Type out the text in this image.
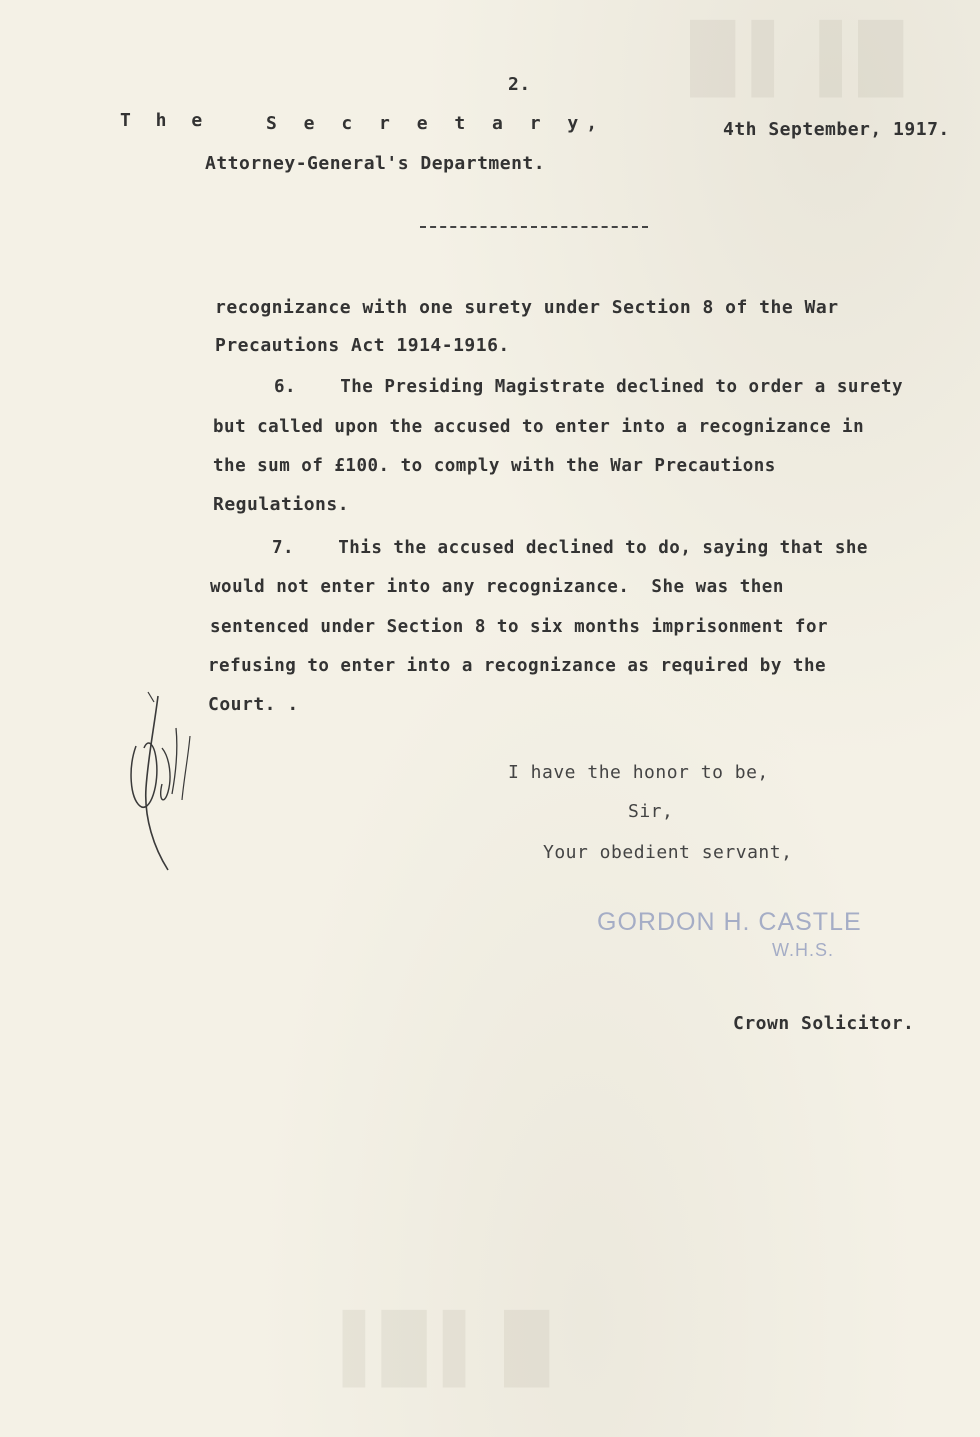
█ ▌▐ █
▐ █ ▌ █
2.
T h e	S e c r e t a r y,	4th September, 1917.
Attorney-General's Department.
recognizance with one surety under Section 8 of the War
Precautions Act 1914-1916.
6.    The Presiding Magistrate declined to order a surety
but called upon the accused to enter into a recognizance in
the sum of £100. to comply with the War Precautions
Regulations.
7.    This the accused declined to do, saying that she
would not enter into any recognizance.  She was then
sentenced under Section 8 to six months imprisonment for
refusing to enter into a recognizance as required by the
Court. .
I have the honor to be,
Sir,
Your obedient servant,
GORDON H. CASTLE
W.H.S.
Crown Solicitor.
